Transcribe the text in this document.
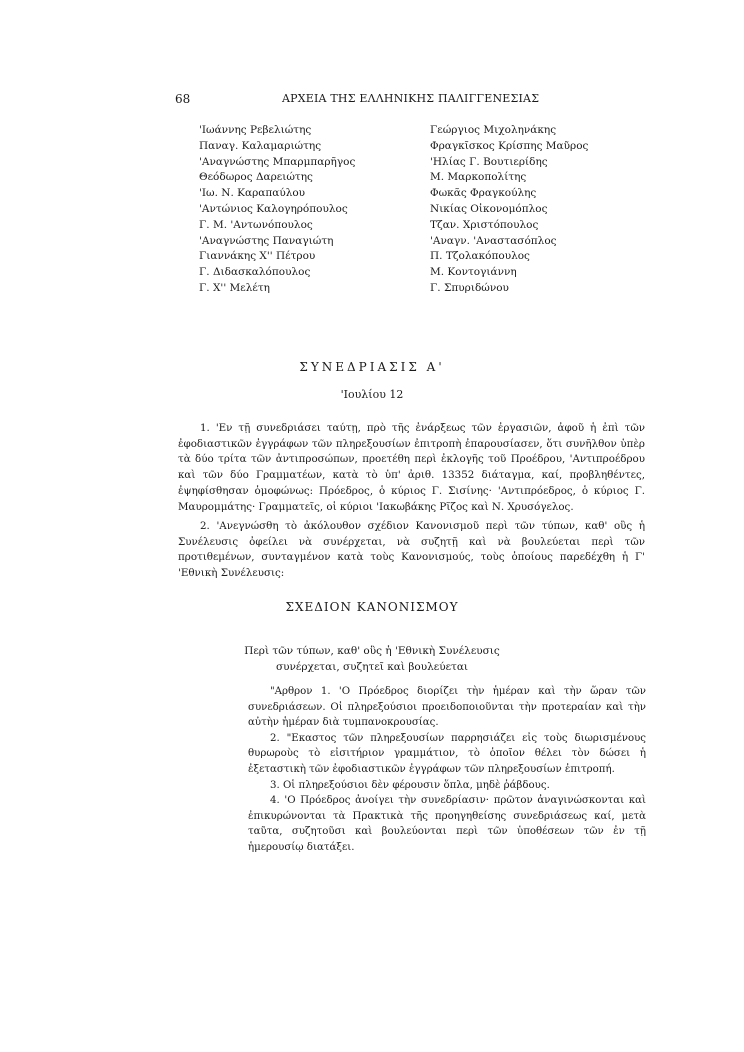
68	ΑΡΧΕΙΑ ΤΗΣ ΕΛΛΗΝΙΚΗΣ ΠΑΛΙΓΓΕΝΕΣΙΑΣ
'Ιωάννης Ρεβελιώτης
Παναγ. Καλαμαριώτης
'Αναγνώστης Μπαρμπαρῆγος
Θεόδωρος Δαρειώτης
'Ιω. Ν. Καραπαύλου
'Αντώνιος Καλογηρόπουλος
Γ. Μ. 'Αντωνόπουλος
'Αναγνώστης Παναγιώτη
Γιαννάκης Χ'' Πέτρου
Γ. Διδασκαλόπουλος
Γ. Χ'' Μελέτη
Γεώργιος Μιχοληνάκης
Φραγκῖσκος Κρίσπης Μαῦρος
'Ηλίας Γ. Βουτιερίδης
Μ. Μαρκοπολίτης
Φωκᾶς Φραγκούλης
Νικίας Οἰκονομόπλος
Τζαν. Χριστόπουλος
'Αναγν. 'Αναστασόπλος
Π. Τζολακόπουλος
Μ. Κοντογιάννη
Γ. Σπυριδώνου
ΣΥΝΕΔΡΙΑΣΙΣ Α'
'Ιουλίου 12
1. 'Εν τῇ συνεδριάσει ταύτῃ, πρὸ τῆς ἐνάρξεως τῶν ἐργασιῶν, ἀφοῦ ἡ ἐπὶ τῶν ἐφοδιαστικῶν ἐγγράφων τῶν πληρεξουσίων ἐπιτροπὴ ἐπαρουσίασεν, ὅτι συνῆλθον ὑπὲρ τὰ δύο τρίτα τῶν ἀντιπροσώπων, προετέθη περὶ ἐκλογῆς τοῦ Προέδρου, 'Αντιπροέδρου καὶ τῶν δύο Γραμματέων, κατὰ τὸ ὑπ' ἀριθ. 13352 διάταγμα, καί, προβληθέντες, ἐψηφίσθησαν ὁμοφώνως: Πρόεδρος, ὁ κύριος Γ. Σισίνης· 'Αντιπρόεδρος, ὁ κύριος Γ. Μαυρομμάτης· Γραμματεῖς, οἱ κύριοι 'Ιακωβάκης Ρῖζος καὶ Ν. Χρυσόγελος.
2. 'Ανεγνώσθη τὸ ἀκόλουθον σχέδιον Κανονισμοῦ περὶ τῶν τύπων, καθ' οὓς ἡ Συνέλευσις ὀφείλει νὰ συνέρχεται, νὰ συζητῇ καὶ νὰ βουλεύεται περὶ τῶν προτιθεμένων, συνταγμένον κατὰ τοὺς Κανονισμούς, τοὺς ὁποίους παρεδέχθη ἡ Γ' 'Εθνικὴ Συνέλευσις:
ΣΧΕΔΙΟΝ ΚΑΝΟΝΙΣΜΟΥ
Περὶ τῶν τύπων, καθ' οὓς ἡ 'Εθνικὴ Συνέλευσις
συνέρχεται, συζητεῖ καὶ βουλεύεται

"Αρθρον 1. 'Ο Πρόεδρος διορίζει τὴν ἡμέραν καὶ τὴν ὥραν τῶν συνεδριάσεων. Οἱ πληρεξούσιοι προειδοποιοῦνται τὴν προτεραίαν καὶ τὴν αὐτὴν ἡμέραν διὰ τυμπανοκρουσίας.

2. "Εκαστος τῶν πληρεξουσίων παρρησιάζει εἰς τοὺς διωρισμένους θυρωροὺς τὸ εἰσιτήριον γραμμάτιον, τὸ ὁποῖον θέλει τὸν δώσει ἡ ἐξεταστικὴ τῶν ἐφοδιαστικῶν ἐγγράφων τῶν πληρεξουσίων ἐπιτροπή.

3. Οἱ πληρεξούσιοι δὲν φέρουσιν ὅπλα, μηδὲ ῥάβδους.

4. 'Ο Πρόεδρος ἀνοίγει τὴν συνεδρίασιν· πρῶτον ἀναγινώσκονται καὶ ἐπικυρώνονται τὰ Πρακτικὰ τῆς προηγηθείσης συνεδριάσεως καί, μετὰ ταῦτα, συζητοῦσι καὶ βουλεύονται περὶ τῶν ὑποθέσεων τῶν ἐν τῇ ἡμερουσίῳ διατάξει.
